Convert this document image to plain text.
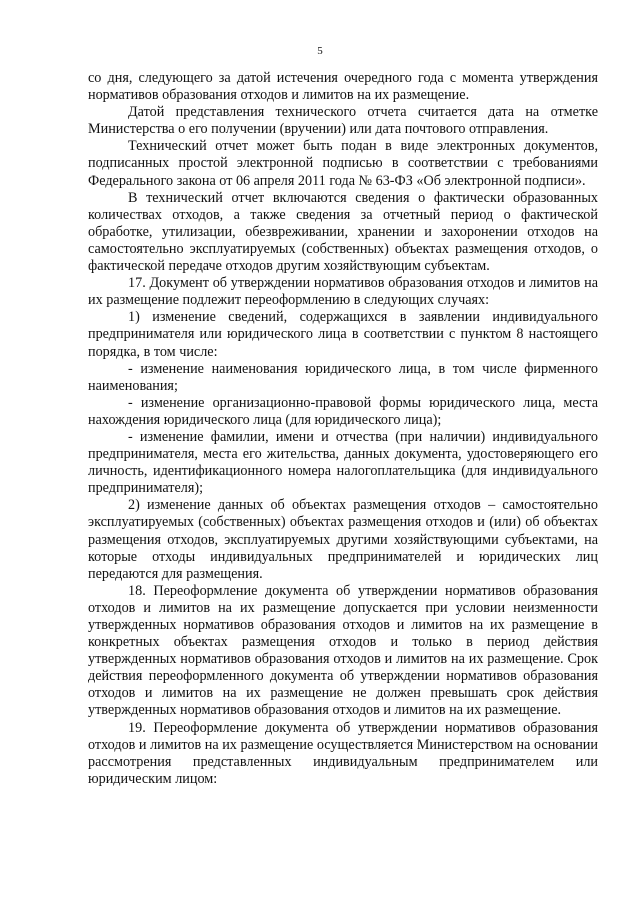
5

со дня, следующего за датой истечения очередного года с момента утверждения нормативов образования отходов и лимитов на их размещение.

Датой представления технического отчета считается дата на отметке Министерства о его получении (вручении) или дата почтового отправления.

Технический отчет может быть подан в виде электронных документов, подписанных простой электронной подписью в соответствии с требованиями Федерального закона от 06 апреля 2011 года № 63-ФЗ «Об электронной подписи».

В технический отчет включаются сведения о фактически образованных количествах отходов, а также сведения за отчетный период о фактической обработке, утилизации, обезвреживании, хранении и захоронении отходов на самостоятельно эксплуатируемых (собственных) объектах размещения отходов, о фактической передаче отходов другим хозяйствующим субъектам.

17. Документ об утверждении нормативов образования отходов и лимитов на их размещение подлежит переоформлению в следующих случаях:

1) изменение сведений, содержащихся в заявлении индивидуального предпринимателя или юридического лица в соответствии с пунктом 8 настоящего порядка, в том числе:

- изменение наименования юридического лица, в том числе фирменного наименования;

- изменение организационно-правовой формы юридического лица, места нахождения юридического лица (для юридического лица);

- изменение фамилии, имени и отчества (при наличии) индивидуального предпринимателя, места его жительства, данных документа, удостоверяющего его личность, идентификационного номера налогоплательщика (для индивидуального предпринимателя);

2) изменение данных об объектах размещения отходов – самостоятельно эксплуатируемых (собственных) объектах размещения отходов и (или) об объектах размещения отходов, эксплуатируемых другими хозяйствующими субъектами, на которые отходы индивидуальных предпринимателей и юридических лиц передаются для размещения.

18. Переоформление документа об утверждении нормативов образования отходов и лимитов на их размещение допускается при условии неизменности утвержденных нормативов образования отходов и лимитов на их размещение в конкретных объектах размещения отходов и только в период действия утвержденных нормативов образования отходов и лимитов на их размещение. Срок действия переоформленного документа об утверждении нормативов образования отходов и лимитов на их размещение не должен превышать срок действия утвержденных нормативов образования отходов и лимитов на их размещение.

19. Переоформление документа об утверждении нормативов образования отходов и лимитов на их размещение осуществляется Министерством на основании рассмотрения представленных индивидуальным предпринимателем или юридическим лицом:
